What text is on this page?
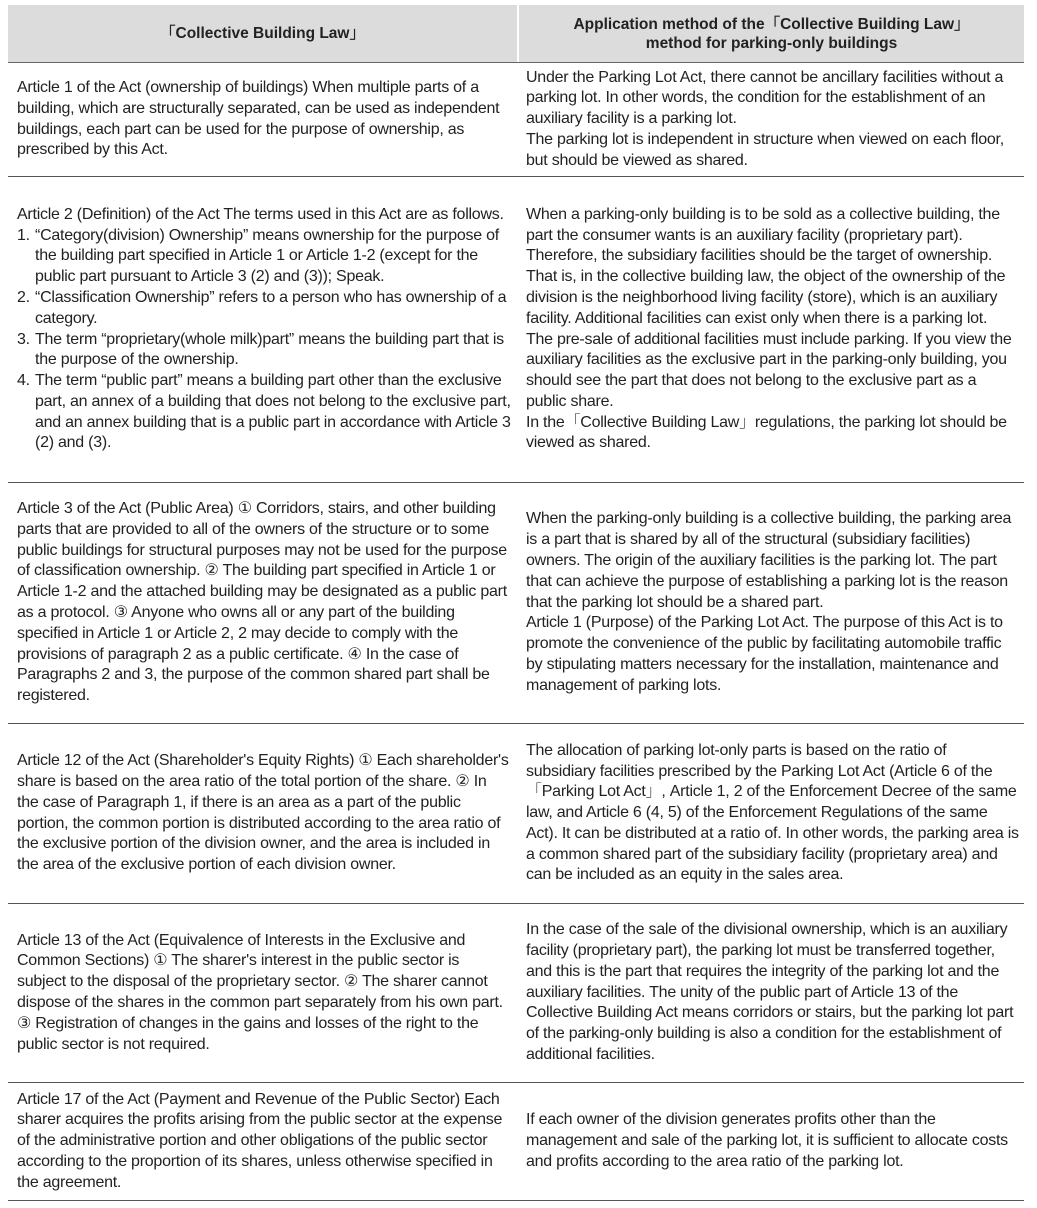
「Collective Building Law」
Application method of the「Collective Building Law」
method for parking-only buildings

Article 1 of the Act (ownership of buildings) When multiple parts of a building, which are structurally separated, can be used as independent buildings, each part can be used for the purpose of ownership, as prescribed by this Act.

Under the Parking Lot Act, there cannot be ancillary facilities without a parking lot. In other words, the condition for the establishment of an auxiliary facility is a parking lot.

The parking lot is independent in structure when viewed on each floor, but should be viewed as shared.

Article 2 (Definition) of the Act The terms used in this Act are as follows.

1. “Category(division) Ownership” means ownership for the purpose of the building part specified in Article 1 or Article 1-2 (except for the public part pursuant to Article 3 (2) and (3)); Speak.
2. “Classification Ownership” refers to a person who has ownership of a category.
3. The term “proprietary(whole milk)part” means the building part that is the purpose of the ownership.
4. The term “public part” means a building part other than the exclusive part, an annex of a building that does not belong to the exclusive part, and an annex building that is a public part in accordance with Article 3 (2) and (3).

When a parking-only building is to be sold as a collective building, the part the consumer wants is an auxiliary facility (proprietary part).

Therefore, the subsidiary facilities should be the target of ownership. That is, in the collective building law, the object of the ownership of the division is the neighborhood living facility (store), which is an auxiliary facility. Additional facilities can exist only when there is a parking lot.

The pre-sale of additional facilities must include parking. If you view the auxiliary facilities as the exclusive part in the parking-only building, you should see the part that does not belong to the exclusive part as a public share.

In the「Collective Building Law」regulations, the parking lot should be viewed as shared.

Article 3 of the Act (Public Area) ① Corridors, stairs, and other building parts that are provided to all of the owners of the structure or to some public buildings for structural purposes may not be used for the purpose of classification ownership. ② The building part specified in Article 1 or Article 1-2 and the attached building may be designated as a public part as a protocol. ③ Anyone who owns all or any part of the building specified in Article 1 or Article 2, 2 may decide to comply with the provisions of paragraph 2 as a public certificate. ④ In the case of Paragraphs 2 and 3, the purpose of the common shared part shall be registered.

When the parking-only building is a collective building, the parking area is a part that is shared by all of the structural (subsidiary facilities) owners. The origin of the auxiliary facilities is the parking lot. The part that can achieve the purpose of establishing a parking lot is the reason that the parking lot should be a shared part.

Article 1 (Purpose) of the Parking Lot Act. The purpose of this Act is to promote the convenience of the public by facilitating automobile traffic by stipulating matters necessary for the installation, maintenance and management of parking lots.

Article 12 of the Act (Shareholder's Equity Rights) ① Each shareholder's share is based on the area ratio of the total portion of the share. ② In the case of Paragraph 1, if there is an area as a part of the public portion, the common portion is distributed according to the area ratio of the exclusive portion of the division owner, and the area is included in the area of the exclusive portion of each division owner.

The allocation of parking lot-only parts is based on the ratio of subsidiary facilities prescribed by the Parking Lot Act (Article 6 of the「Parking Lot Act」, Article 1, 2 of the Enforcement Decree of the same law, and Article 6 (4, 5) of the Enforcement Regulations of the same Act). It can be distributed at a ratio of. In other words, the parking area is a common shared part of the subsidiary facility (proprietary area) and can be included as an equity in the sales area.

Article 13 of the Act (Equivalence of Interests in the Exclusive and Common Sections) ① The sharer's interest in the public sector is subject to the disposal of the proprietary sector. ② The sharer cannot dispose of the shares in the common part separately from his own part. ③ Registration of changes in the gains and losses of the right to the public sector is not required.

In the case of the sale of the divisional ownership, which is an auxiliary facility (proprietary part), the parking lot must be transferred together, and this is the part that requires the integrity of the parking lot and the auxiliary facilities. The unity of the public part of Article 13 of the Collective Building Act means corridors or stairs, but the parking lot part of the parking-only building is also a condition for the establishment of additional facilities.

Article 17 of the Act (Payment and Revenue of the Public Sector) Each sharer acquires the profits arising from the public sector at the expense of the administrative portion and other obligations of the public sector according to the proportion of its shares, unless otherwise specified in the agreement.

If each owner of the division generates profits other than the management and sale of the parking lot, it is sufficient to allocate costs and profits according to the area ratio of the parking lot.
